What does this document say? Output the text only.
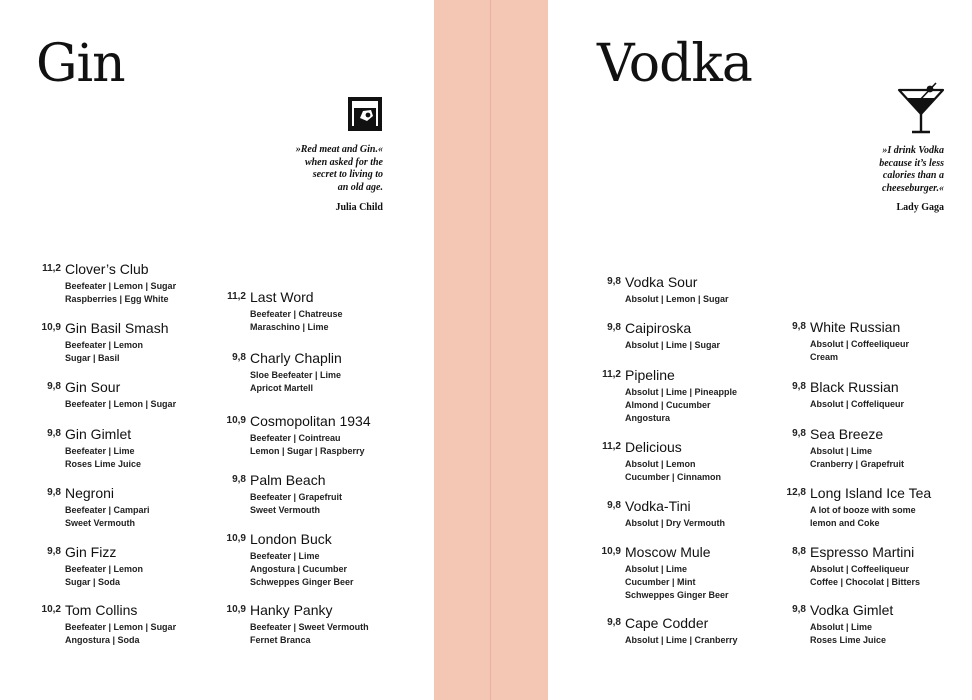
Gin
»Red meat and Gin.«
when asked for the
secret to living to
an old age.
Julia Child
11,2 Clover’s Club
Beefeater | Lemon | Sugar
Raspberries | Egg White
10,9 Gin Basil Smash
Beefeater | Lemon
Sugar | Basil
9,8 Gin Sour
Beefeater | Lemon | Sugar
9,8 Gin Gimlet
Beefeater | Lime
Roses Lime Juice
9,8 Negroni
Beefeater | Campari
Sweet Vermouth
9,8 Gin Fizz
Beefeater | Lemon
Sugar | Soda
10,2 Tom Collins
Beefeater | Lemon | Sugar
Angostura | Soda
11,2 Last Word
Beefeater | Chatreuse
Maraschino | Lime
9,8 Charly Chaplin
Sloe Beefeater | Lime
Apricot Martell
10,9 Cosmopolitan 1934
Beefeater | Cointreau
Lemon | Sugar | Raspberry
9,8 Palm Beach
Beefeater | Grapefruit
Sweet Vermouth
10,9 London Buck
Beefeater | Lime
Angostura | Cucumber
Schweppes Ginger Beer
10,9 Hanky Panky
Beefeater | Sweet Vermouth
Fernet Branca
Vodka
»I drink Vodka
because it’s less
calories than a
cheeseburger.«
Lady Gaga
9,8 Vodka Sour
Absolut | Lemon | Sugar
9,8 Caipiroska
Absolut | Lime | Sugar
11,2 Pipeline
Absolut | Lime | Pineapple
Almond | Cucumber
Angostura
11,2 Delicious
Absolut | Lemon
Cucumber | Cinnamon
9,8 Vodka-Tini
Absolut | Dry Vermouth
10,9 Moscow Mule
Absolut | Lime
Cucumber | Mint
Schweppes Ginger Beer
9,8 Cape Codder
Absolut | Lime | Cranberry
9,8 White Russian
Absolut | Coffeeliqueur
Cream
9,8 Black Russian
Absolut | Coffeliqueur
9,8 Sea Breeze
Absolut | Lime
Cranberry | Grapefruit
12,8 Long Island Ice Tea
A lot of booze with some
lemon and Coke
8,8 Espresso Martini
Absolut | Coffeeliqueur
Coffee | Chocolat | Bitters
9,8 Vodka Gimlet
Absolut | Lime
Roses Lime Juice
